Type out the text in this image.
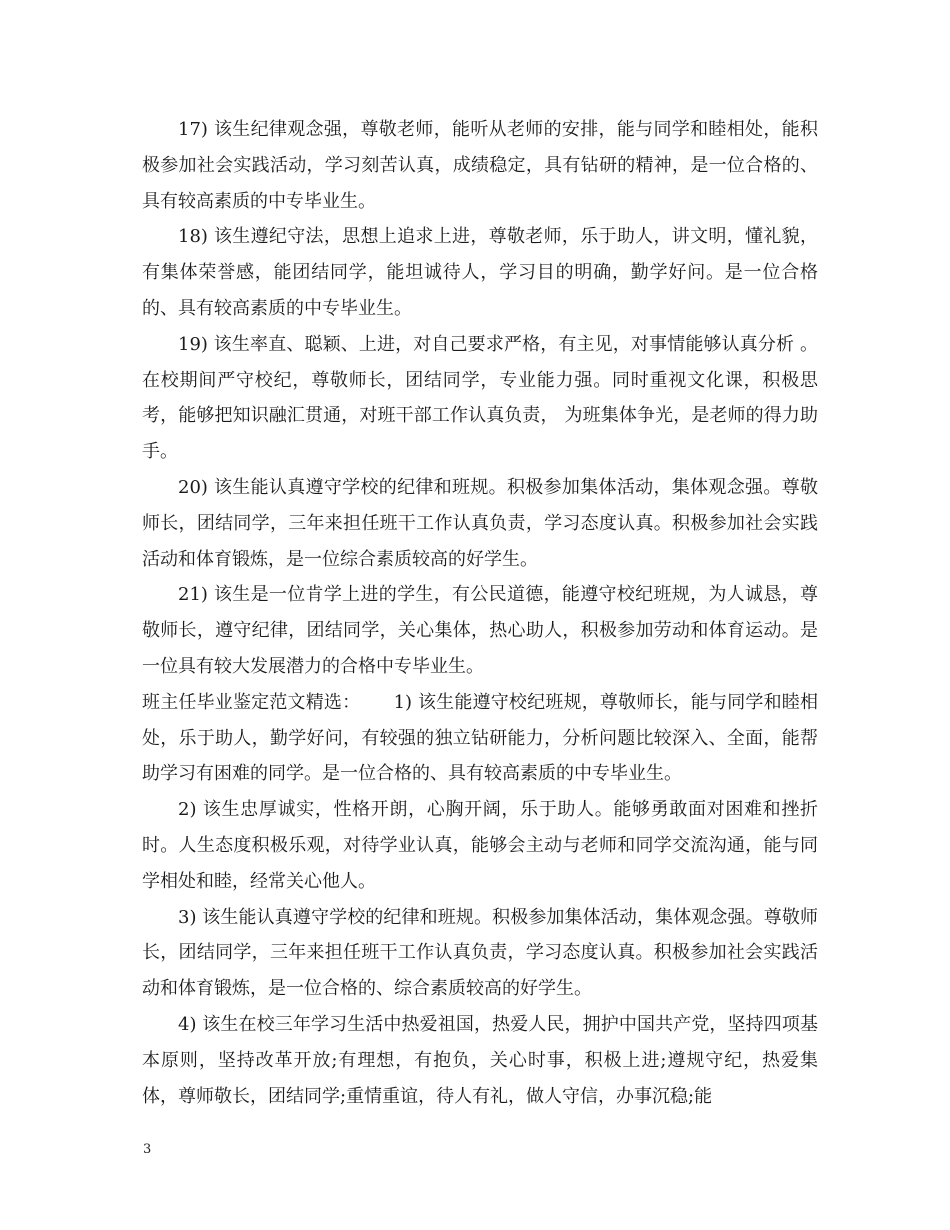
17) 该生纪律观念强，尊敬老师，能听从老师的安排，能与同学和睦相处，能积极参加社会实践活动，学习刻苦认真，成绩稳定，具有钻研的精神，是一位合格的、具有较高素质的中专毕业生。

18) 该生遵纪守法，思想上追求上进，尊敬老师，乐于助人，讲文明，懂礼貌，有集体荣誉感，能团结同学，能坦诚待人，学习目的明确，勤学好问。是一位合格的、具有较高素质的中专毕业生。

19) 该生率直、聪颖、上进，对自己要求严格，有主见，对事情能够认真分析 。在校期间严守校纪，尊敬师长，团结同学，专业能力强。同时重视文化课，积极思考，能够把知识融汇贯通，对班干部工作认真负责， 为班集体争光，是老师的得力助手。

20) 该生能认真遵守学校的纪律和班规。积极参加集体活动，集体观念强。尊敬师长，团结同学，三年来担任班干工作认真负责，学习态度认真。积极参加社会实践活动和体育锻炼，是一位综合素质较高的好学生。

21) 该生是一位肯学上进的学生，有公民道德，能遵守校纪班规，为人诚恳，尊敬师长，遵守纪律，团结同学，关心集体，热心助人，积极参加劳动和体育运动。是一位具有较大发展潜力的合格中专毕业生。

班主任毕业鉴定范文精选：　　 1) 该生能遵守校纪班规，尊敬师长，能与同学和睦相处，乐于助人，勤学好问，有较强的独立钻研能力，分析问题比较深入、全面，能帮助学习有困难的同学。是一位合格的、具有较高素质的中专毕业生。

2) 该生忠厚诚实，性格开朗，心胸开阔，乐于助人。能够勇敢面对困难和挫折时。人生态度积极乐观，对待学业认真，能够会主动与老师和同学交流沟通，能与同学相处和睦，经常关心他人。

3) 该生能认真遵守学校的纪律和班规。积极参加集体活动，集体观念强。尊敬师长，团结同学，三年来担任班干工作认真负责，学习态度认真。积极参加社会实践活动和体育锻炼，是一位合格的、综合素质较高的好学生。

4) 该生在校三年学习生活中热爱祖国，热爱人民，拥护中国共产党，坚持四项基本原则，坚持改革开放;有理想，有抱负，关心时事，积极上进;遵规守纪，热爱集体，尊师敬长，团结同学;重情重谊，待人有礼，做人守信，办事沉稳;能

3
